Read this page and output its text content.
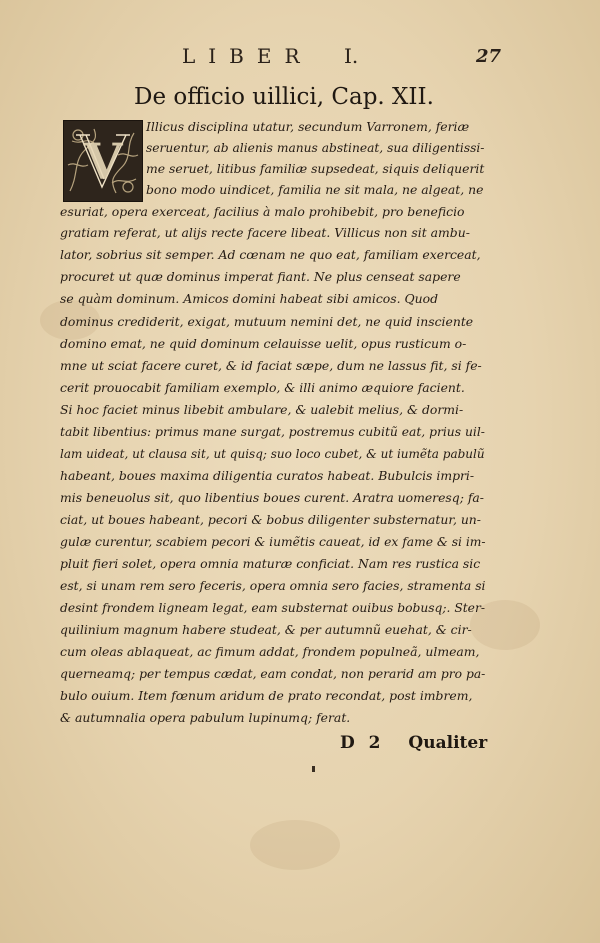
LIBER I.	27
De officio uillici, Cap. XII.
V
Illicus disciplina utatur, secundum Varronem, feriæ
seruentur, ab alienis manus abstineat, sua diligentissi-
me seruet, litibus familiæ supsedeat, siquis deliquerit
bono modo uindicet, familia ne sit mala, ne algeat, ne
esuriat, opera exerceat, facilius à malo prohibebit, pro beneficio
gratiam referat, ut alijs recte facere libeat. Villicus non sit ambu-
lator, sobrius sit semper. Ad cœnam ne quo eat, familiam exerceat,
procuret ut quæ dominus imperat fiant. Ne plus censeat sapere
se quàm dominum. Amicos domini habeat sibi amicos. Quod
dominus crediderit, exigat, mutuum nemini det, ne quid insciente
domino emat, ne quid dominum celauisse uelit, opus rusticum o-
mne ut sciat facere curet, & id faciat sæpe, dum ne lassus fit, si fe-
cerit prouocabit familiam exemplo, & illi animo æquiore facient.
Si hoc faciet minus libebit ambulare, & ualebit melius, & dormi-
tabit libentius: primus mane surgat, postremus cubitũ eat, prius uil-
lam uideat, ut clausa sit, ut quisq; suo loco cubet, & ut iumẽta pabulũ
habeant, boues maxima diligentia curatos habeat. Bubulcis impri-
mis beneuolus sit, quo libentius boues curent. Aratra uomeresq; fa-
ciat, ut boues habeant, pecori & bobus diligenter substernatur, un-
gulæ curentur, scabiem pecori & iumẽtis caueat, id ex fame & si im-
pluit fieri solet, opera omnia maturæ conficiat. Nam res rustica sic
est, si unam rem sero feceris, opera omnia sero facies, stramenta si
desint frondem ligneam legat, eam substernat ouibus bobusq;. Ster-
quilinium magnum habere studeat, & per autumnũ euehat, & cir-
cum oleas ablaqueat, ac fimum addat, frondem populneã, ulmeam,
querneamq; per tempus cædat, eam condat, non perarid am pro pa-
bulo ouium. Item fœnum aridum de prato recondat, post imbrem,
& autumnalia opera pabulum lupinumq; ferat.
D 2 Qualiter
